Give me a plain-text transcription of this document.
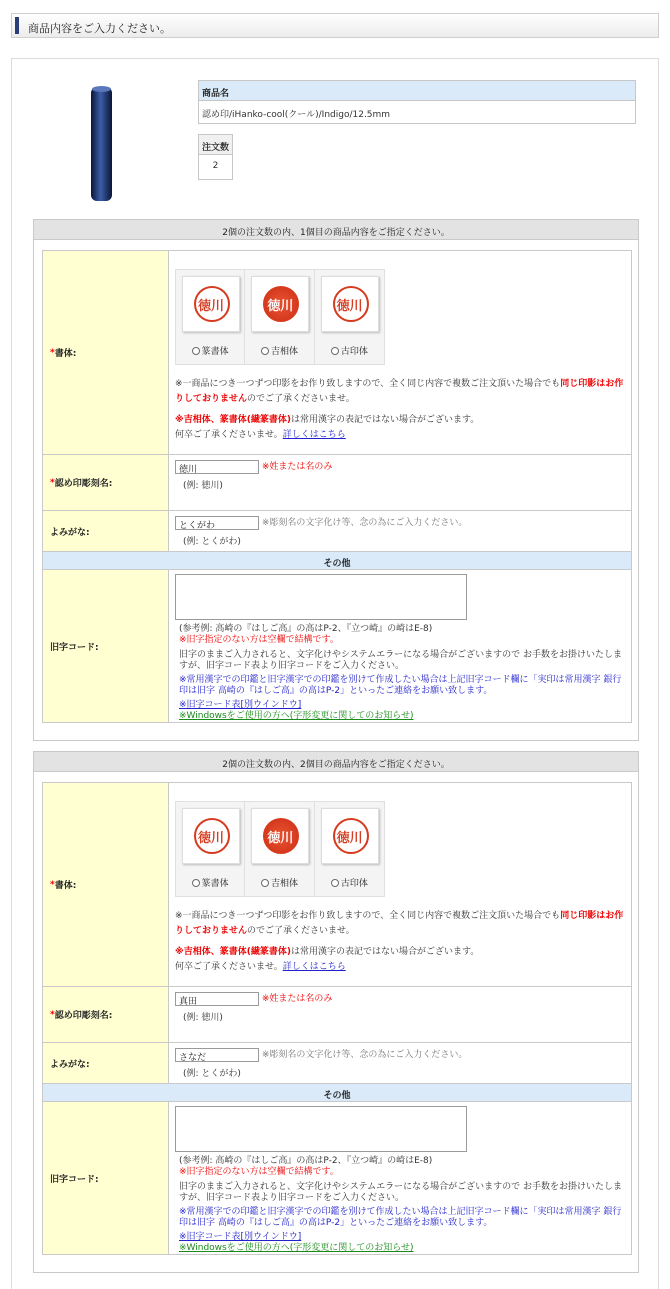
商品内容をご入力ください。
商品名
認め印/iHanko-cool(クール)/Indigo/12.5mm
注文数
2
2個の注文数の内、1個目の商品内容をご指定ください。
* 書体:
徳川
篆書体
徳川
吉相体
徳川
古印体
※一商品につき一つずつ印影をお作り致しますので、全く同じ内容で複数ご注文頂いた場合でも同じ印影はお作りしておりませんのでご了承くださいませ。
※吉相体、篆書体(繊篆書体)は常用漢字の表記ではない場合がございます。
何卒ご了承くださいませ。詳しくはこちら
* 認め印彫刻名:
徳川	※姓または名のみ
(例: 徳川)
よみがな:
とくがわ	※彫刻名の文字化け等、念の為にご入力ください。
(例: とくがわ)
その他
旧字コード:
(参考例: 高崎の『はしご高』の高はP-2、『立つ崎』の崎はE-8)
※旧字指定のない方は空欄で結構です。
旧字のままご入力されると、文字化けやシステムエラーになる場合がございますので お手数をお掛けいたしますが、旧字コード表より旧字コードをご入力ください。
※常用漢字での印鑑と旧字漢字での印鑑を別けて作成したい場合は上記旧字コード欄に「実印は常用漢字 銀行印は旧字 高崎の『はしご高』の高はP-2」といったご連絡をお願い致します。
※旧字コード表[別ウインドウ]
※Windowsをご使用の方へ(字形変更に関してのお知らせ)
2個の注文数の内、2個目の商品内容をご指定ください。
* 書体:
徳川
篆書体
徳川
吉相体
徳川
古印体
※一商品につき一つずつ印影をお作り致しますので、全く同じ内容で複数ご注文頂いた場合でも同じ印影はお作りしておりませんのでご了承くださいませ。
※吉相体、篆書体(繊篆書体)は常用漢字の表記ではない場合がございます。
何卒ご了承くださいませ。詳しくはこちら
* 認め印彫刻名:
真田	※姓または名のみ
(例: 徳川)
よみがな:
さなだ	※彫刻名の文字化け等、念の為にご入力ください。
(例: とくがわ)
その他
旧字コード:
(参考例: 高崎の『はしご高』の高はP-2、『立つ崎』の崎はE-8)
※旧字指定のない方は空欄で結構です。
旧字のままご入力されると、文字化けやシステムエラーになる場合がございますので お手数をお掛けいたしますが、旧字コード表より旧字コードをご入力ください。
※常用漢字での印鑑と旧字漢字での印鑑を別けて作成したい場合は上記旧字コード欄に「実印は常用漢字 銀行印は旧字 高崎の『はしご高』の高はP-2」といったご連絡をお願い致します。
※旧字コード表[別ウインドウ]
※Windowsをご使用の方へ(字形変更に関してのお知らせ)
